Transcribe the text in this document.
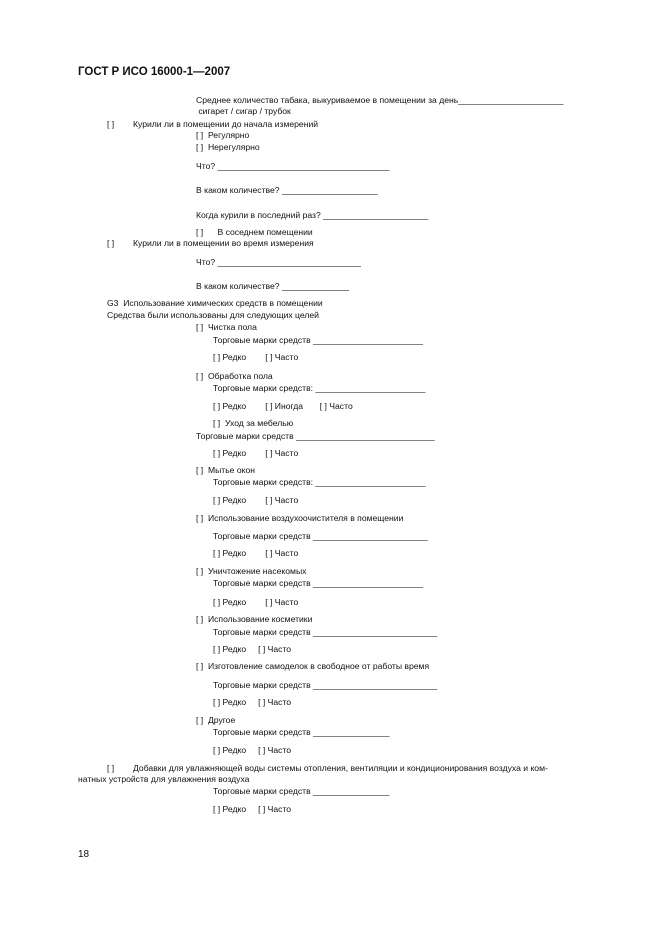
ГОСТ Р ИСО 16000-1—2007
Среднее количество табака, выкуриваемое в помещении за день______________________
сигарет / сигар / трубок
[ ] Курили ли в помещении до начала измерений
[ ]  Регулярно
[ ]  Нерегулярно
Что? ____________________________________
В каком количестве? ____________________
Когда курили в последний раз? ______________________
[ ]      В соседнем помещении
[ ] Курили ли в помещении во время измерения
Что? ______________________________
В каком количестве? ______________
G3  Использование химических средств в помещении
Средства были использованы для следующих целей
[ ]  Чистка пола
Торговые марки средств _______________________
[ ] Редко        [ ] Часто
[ ]  Обработка пола
Торговые марки средств: _______________________
[ ] Редко        [ ] Иногда       [ ] Часто
[ ]  Уход за мебелью
Торговые марки средств _____________________________
[ ] Редко        [ ] Часто
[ ]  Мытье окон
Торговые марки средств: _______________________
[ ] Редко        [ ] Часто
[ ]  Использование воздухоочистителя в помещении
Торговые марки средств ________________________
[ ] Редко        [ ] Часто
[ ]  Уничтожение насекомых
Торговые марки средств _______________________
[ ] Редко        [ ] Часто
[ ]  Использование косметики
Торговые марки средств __________________________
[ ] Редко     [ ] Часто
[ ]  Изготовление самоделок в свободное от работы время
Торговые марки средств __________________________
[ ] Редко     [ ] Часто
[ ]  Другое
Торговые марки средств ________________
[ ] Редко     [ ] Часто
[ ] Добавки для увлажняющей воды системы отопления, вентиляции и кондиционирования воздуха и ком-
натных устройств для увлажнения воздуха
Торговые марки средств ________________
[ ] Редко     [ ] Часто
18
